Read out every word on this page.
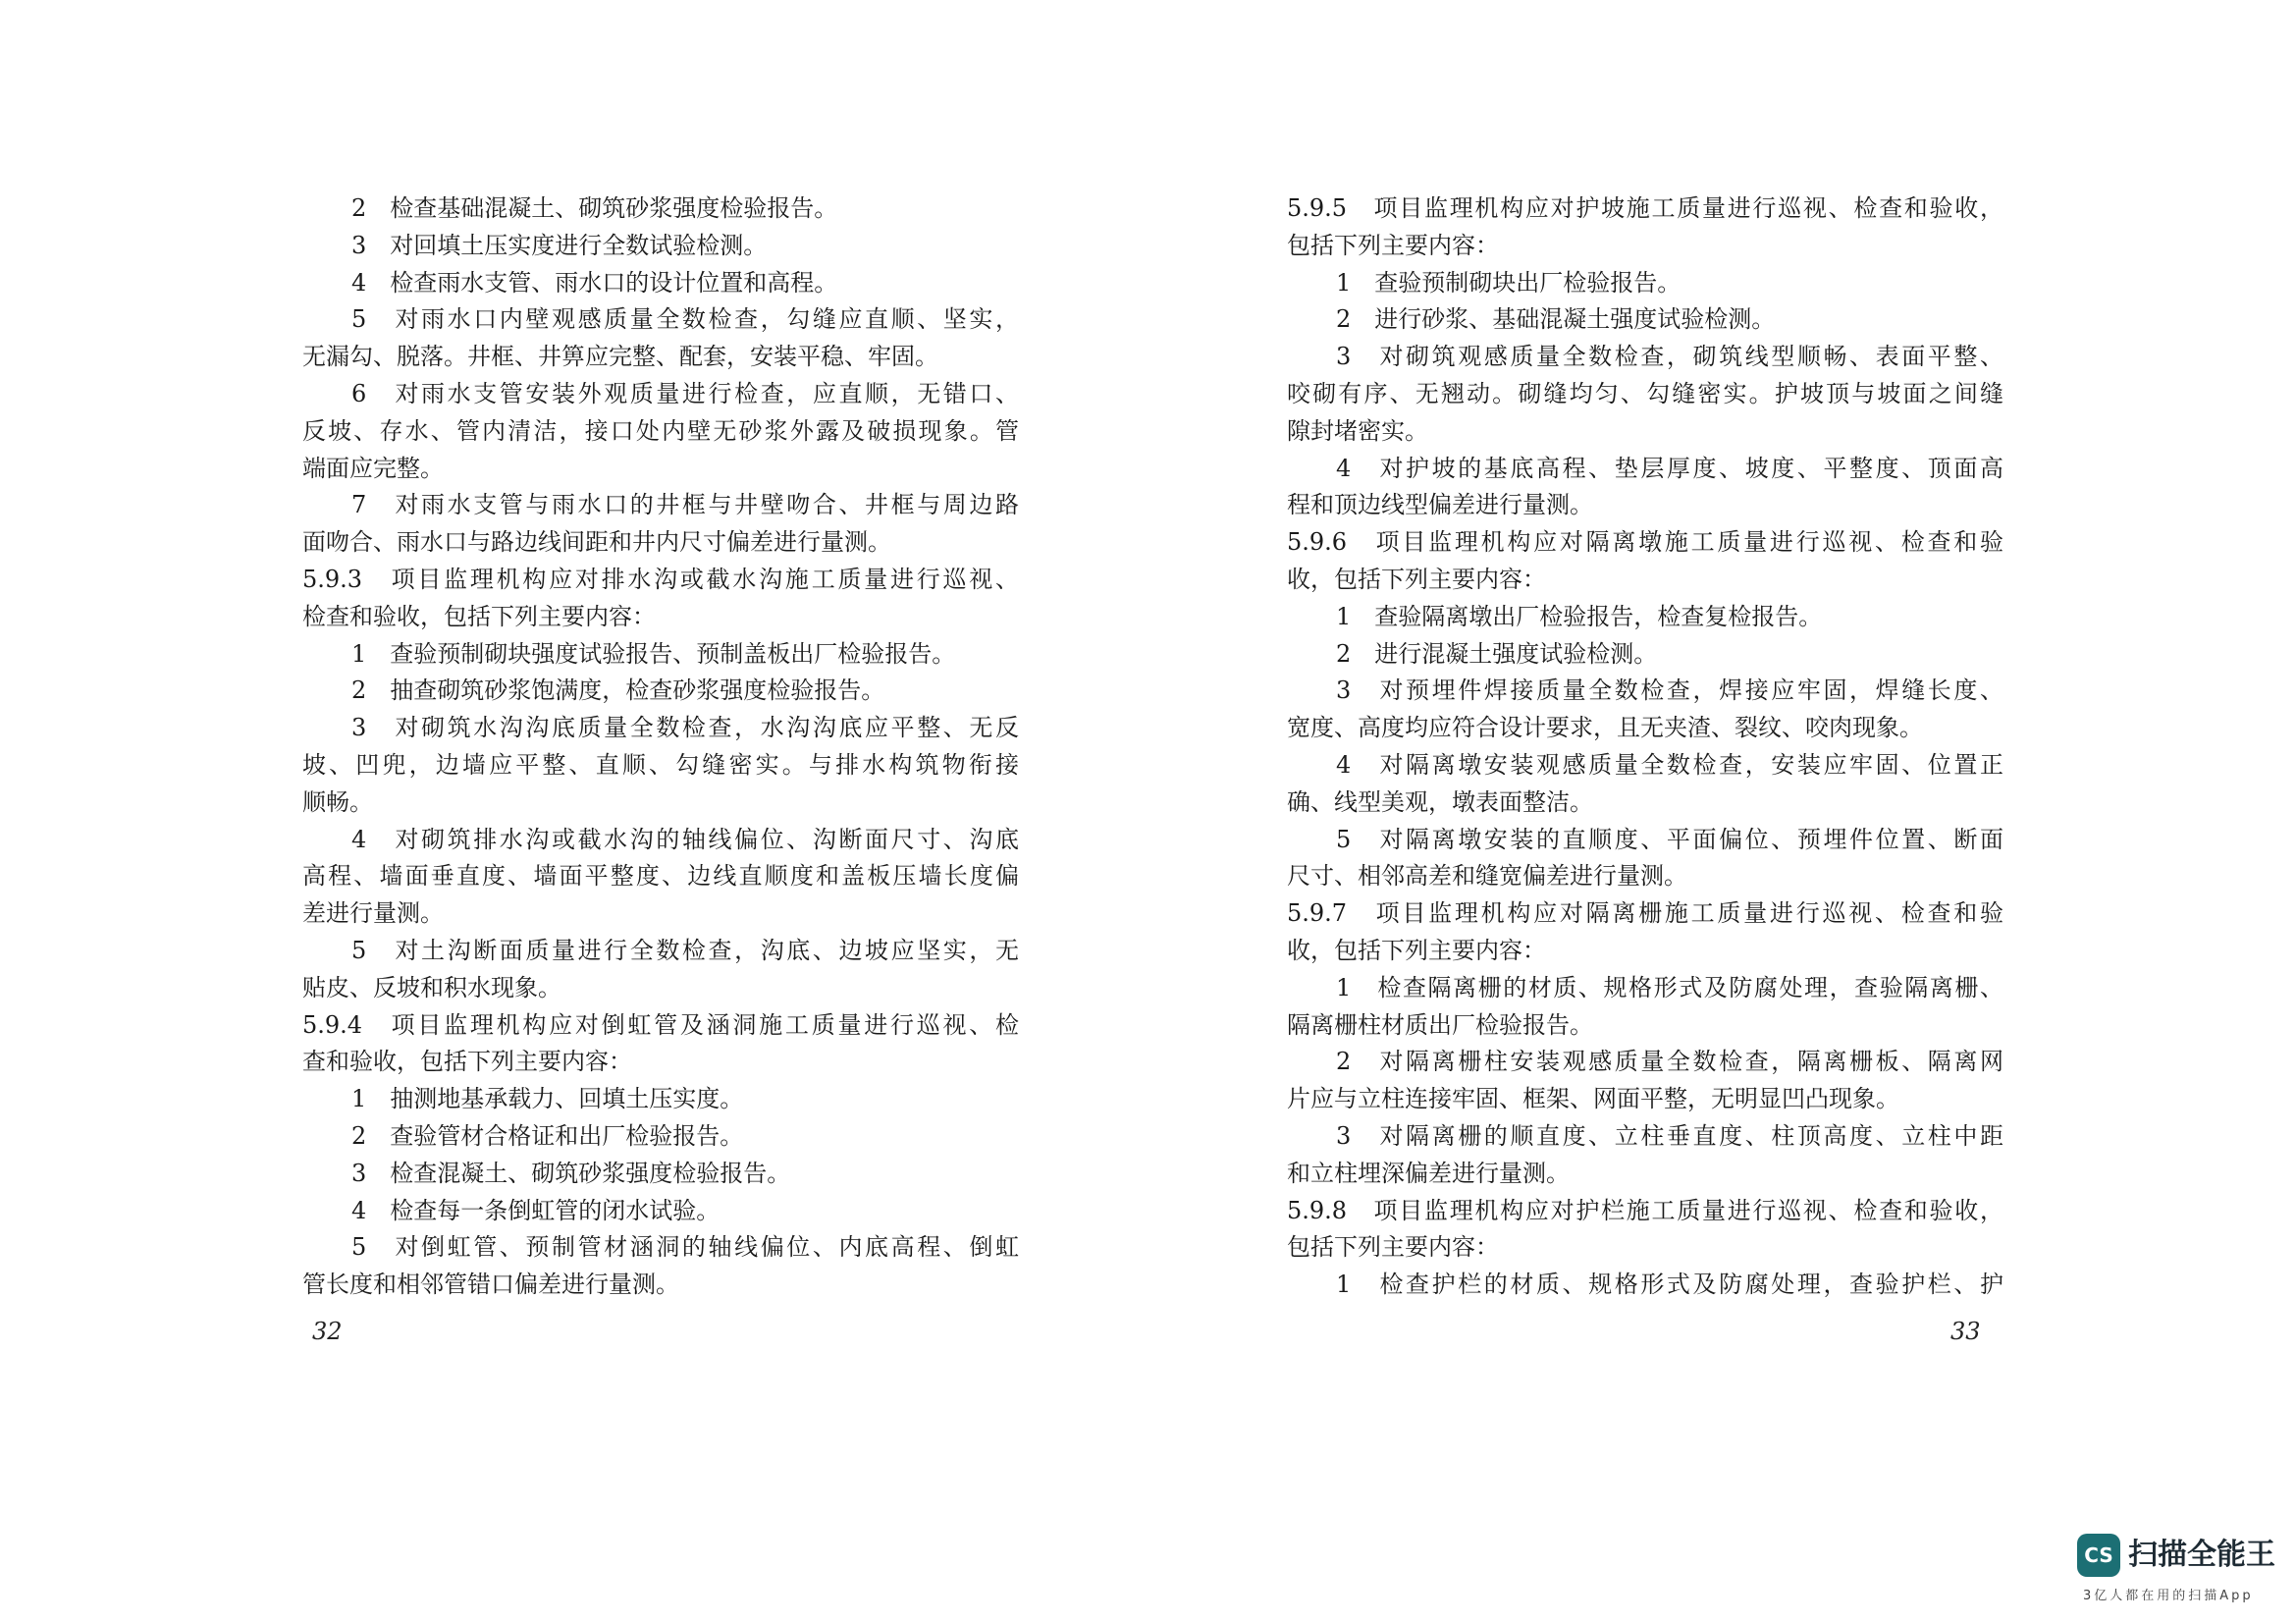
2　检查基础混凝土、砌筑砂浆强度检验报告。
3　对回填土压实度进行全数试验检测。
4　检查雨水支管、雨水口的设计位置和高程。
5　对雨水口内壁观感质量全数检查，勾缝应直顺、坚实，
无漏勾、脱落。井框、井箅应完整、配套，安装平稳、牢固。
6　对雨水支管安装外观质量进行检查，应直顺，无错口、
反坡、存水、管内清洁，接口处内壁无砂浆外露及破损现象。管
端面应完整。
7　对雨水支管与雨水口的井框与井壁吻合、井框与周边路
面吻合、雨水口与路边线间距和井内尺寸偏差进行量测。
5.9.3　项目监理机构应对排水沟或截水沟施工质量进行巡视、
检查和验收，包括下列主要内容：
1　查验预制砌块强度试验报告、预制盖板出厂检验报告。
2　抽查砌筑砂浆饱满度，检查砂浆强度检验报告。
3　对砌筑水沟沟底质量全数检查，水沟沟底应平整、无反
坡、凹兜，边墙应平整、直顺、勾缝密实。与排水构筑物衔接
顺畅。
4　对砌筑排水沟或截水沟的轴线偏位、沟断面尺寸、沟底
高程、墙面垂直度、墙面平整度、边线直顺度和盖板压墙长度偏
差进行量测。
5　对土沟断面质量进行全数检查，沟底、边坡应坚实，无
贴皮、反坡和积水现象。
5.9.4　项目监理机构应对倒虹管及涵洞施工质量进行巡视、检
查和验收，包括下列主要内容：
1　抽测地基承载力、回填土压实度。
2　查验管材合格证和出厂检验报告。
3　检查混凝土、砌筑砂浆强度检验报告。
4　检查每一条倒虹管的闭水试验。
5　对倒虹管、预制管材涵洞的轴线偏位、内底高程、倒虹
管长度和相邻管错口偏差进行量测。
32
5.9.5　项目监理机构应对护坡施工质量进行巡视、检查和验收，
包括下列主要内容：
1　查验预制砌块出厂检验报告。
2　进行砂浆、基础混凝土强度试验检测。
3　对砌筑观感质量全数检查，砌筑线型顺畅、表面平整、
咬砌有序、无翘动。砌缝均匀、勾缝密实。护坡顶与坡面之间缝
隙封堵密实。
4　对护坡的基底高程、垫层厚度、坡度、平整度、顶面高
程和顶边线型偏差进行量测。
5.9.6　项目监理机构应对隔离墩施工质量进行巡视、检查和验
收，包括下列主要内容：
1　查验隔离墩出厂检验报告，检查复检报告。
2　进行混凝土强度试验检测。
3　对预埋件焊接质量全数检查，焊接应牢固，焊缝长度、
宽度、高度均应符合设计要求，且无夹渣、裂纹、咬肉现象。
4　对隔离墩安装观感质量全数检查，安装应牢固、位置正
确、线型美观，墩表面整洁。
5　对隔离墩安装的直顺度、平面偏位、预埋件位置、断面
尺寸、相邻高差和缝宽偏差进行量测。
5.9.7　项目监理机构应对隔离栅施工质量进行巡视、检查和验
收，包括下列主要内容：
1　检查隔离栅的材质、规格形式及防腐处理，查验隔离栅、
隔离栅柱材质出厂检验报告。
2　对隔离栅柱安装观感质量全数检查，隔离栅板、隔离网
片应与立柱连接牢固、框架、网面平整，无明显凹凸现象。
3　对隔离栅的顺直度、立柱垂直度、柱顶高度、立柱中距
和立柱埋深偏差进行量测。
5.9.8　项目监理机构应对护栏施工质量进行巡视、检查和验收，
包括下列主要内容：
1　检查护栏的材质、规格形式及防腐处理，查验护栏、护
33
CS 扫描全能王
3亿人都在用的扫描App
